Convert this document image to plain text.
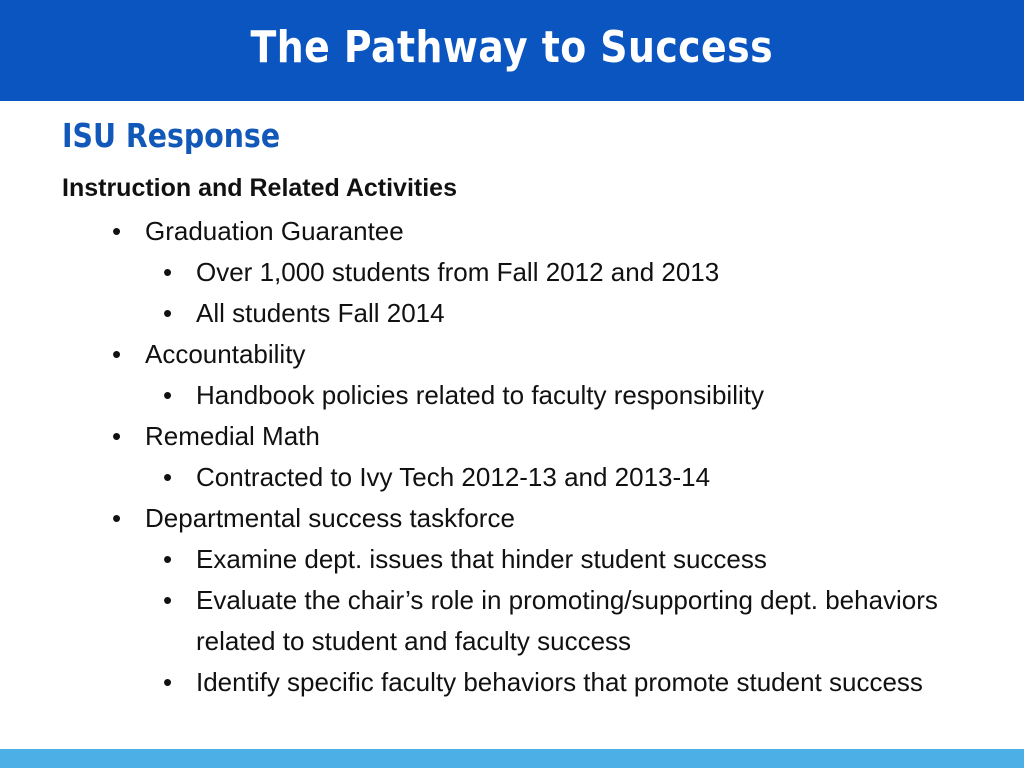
The Pathway to Success
ISU Response
Instruction and Related Activities
• Graduation Guarantee
• Over 1,000 students from Fall 2012 and 2013
• All students Fall 2014
• Accountability
• Handbook policies related to faculty responsibility
• Remedial Math
• Contracted to Ivy Tech 2012-13 and 2013-14
• Departmental success taskforce
• Examine dept. issues that hinder student success
• Evaluate the chair’s role in promoting/supporting dept. behaviors related to student and faculty success
• Identify specific faculty behaviors that promote student success
